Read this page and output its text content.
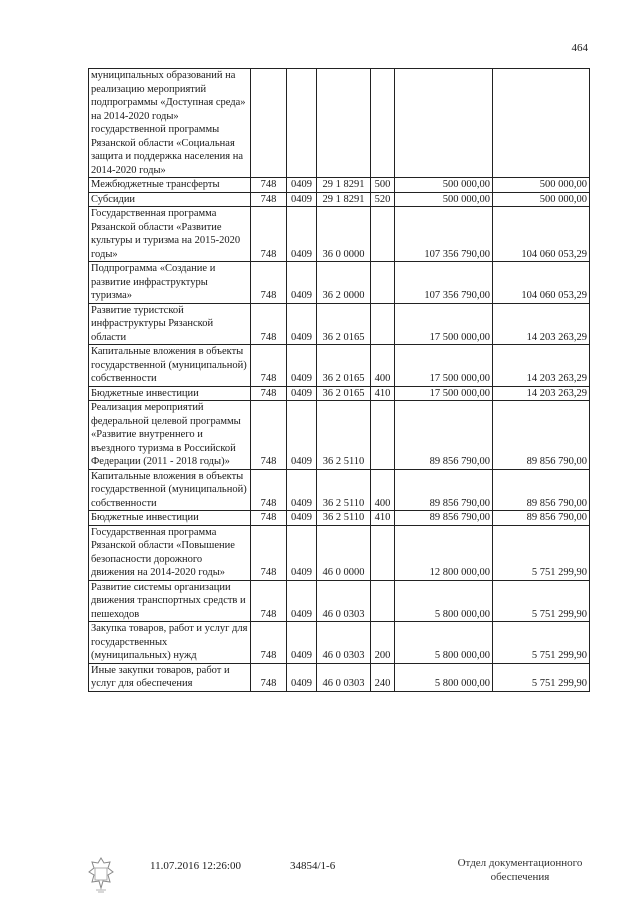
464
муниципальных образований на реализацию мероприятий подпрограммы «Доступная среда» на 2014-2020 годы» государственной программы Рязанской области «Социальная защита и поддержка населения на 2014-2020 годы»						
Межбюджетные трансферты	748	0409	29 1 8291	500	500 000,00	500 000,00
Субсидии	748	0409	29 1 8291	520	500 000,00	500 000,00
Государственная программа Рязанской области «Развитие культуры и туризма на 2015-2020 годы»	748	0409	36 0 0000		107 356 790,00	104 060 053,29
Подпрограмма «Создание и развитие инфраструктуры туризма»	748	0409	36 2 0000		107 356 790,00	104 060 053,29
Развитие туристской инфраструктуры Рязанской области	748	0409	36 2 0165		17 500 000,00	14 203 263,29
Капитальные вложения в объекты государственной (муниципальной) собственности	748	0409	36 2 0165	400	17 500 000,00	14 203 263,29
Бюджетные инвестиции	748	0409	36 2 0165	410	17 500 000,00	14 203 263,29
Реализация мероприятий федеральной целевой программы «Развитие внутреннего и въездного туризма в Российской Федерации (2011 - 2018 годы)»	748	0409	36 2 5110		89 856 790,00	89 856 790,00
Капитальные вложения в объекты государственной (муниципальной) собственности	748	0409	36 2 5110	400	89 856 790,00	89 856 790,00
Бюджетные инвестиции	748	0409	36 2 5110	410	89 856 790,00	89 856 790,00
Государственная программа Рязанской области «Повышение безопасности дорожного движения на 2014-2020 годы»	748	0409	46 0 0000		12 800 000,00	5 751 299,90
Развитие системы организации движения транспортных средств и пешеходов	748	0409	46 0 0303		5 800 000,00	5 751 299,90
Закупка товаров, работ и услуг для государственных (муниципальных) нужд	748	0409	46 0 0303	200	5 800 000,00	5 751 299,90
Иные закупки товаров, работ и услуг для обеспечения	748	0409	46 0 0303	240	5 800 000,00	5 751 299,90
11.07.2016 12:26:00	34854/1-6	Отдел документационного
обеспечения
